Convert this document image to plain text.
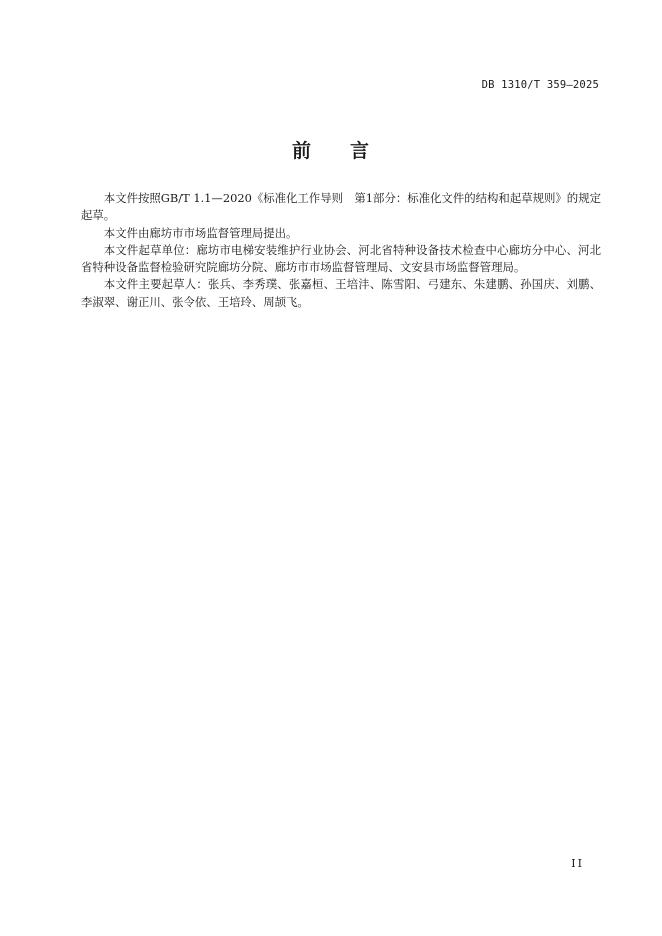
DB 1310/T 359—2025
前 言

本文件按照GB/T 1.1—2020《标准化工作导则　第1部分：标准化文件的结构和起草规则》的规定起草。

本文件由廊坊市市场监督管理局提出。

本文件起草单位：廊坊市电梯安装维护行业协会、河北省特种设备技术检查中心廊坊分中心、河北省特种设备监督检验研究院廊坊分院、廊坊市市场监督管理局、文安县市场监督管理局。

本文件主要起草人：张兵、李秀璞、张嘉桓、王培沣、陈雪阳、弓建东、朱建鹏、孙国庆、刘鹏、李淑翠、谢正川、张令依、王培玲、周颉飞。

II
